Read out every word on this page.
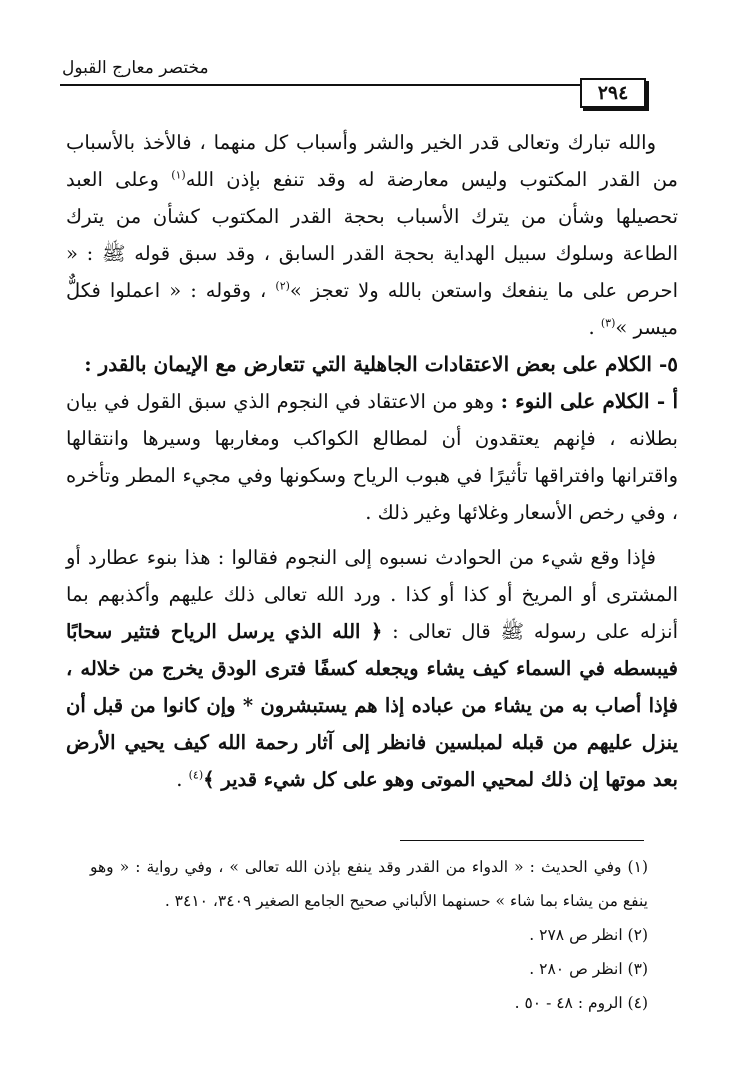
مختصر معارج القبول
٢٩٤

والله تبارك وتعالى قدر الخير والشر وأسباب كل منهما ، فالأخذ بالأسباب من القدر المكتوب وليس معارضة له وقد تنفع بإذن الله$^{(١)}$ وعلى العبد تحصيلها وشأن من يترك الأسباب بحجة القدر المكتوب كشأن من يترك الطاعة وسلوك سبيل الهداية بحجة القدر السابق ، وقد سبق قوله ﷺ : « احرص على ما ينفعك واستعن بالله ولا تعجز »$^{(٢)}$ ، وقوله : « اعملوا فكلٌّ ميسر »$^{(٣)}$ .

٥- الكلام على بعض الاعتقادات الجاهلية التي تتعارض مع الإيمان بالقدر :

أ - الكلام على النوء : وهو من الاعتقاد في النجوم الذي سبق القول في بيان بطلانه ، فإنهم يعتقدون أن لمطالع الكواكب ومغاربها وسيرها وانتقالها واقترانها وافتراقها تأثيرًا في هبوب الرياح وسكونها وفي مجيء المطر وتأخره ، وفي رخص الأسعار وغلائها وغير ذلك .

فإذا وقع شيء من الحوادث نسبوه إلى النجوم فقالوا : هذا بنوء عطارد أو المشترى أو المريخ أو كذا أو كذا . ورد الله تعالى ذلك عليهم وأكذبهم بما أنزله على رسوله ﷺ قال تعالى : ﴿ الله الذي يرسل الرياح فتثير سحابًا فيبسطه في السماء كيف يشاء ويجعله كسفًا فترى الودق يخرج من خلاله ، فإذا أصاب به من يشاء من عباده إذا هم يستبشرون * وإن كانوا من قبل أن ينزل عليهم من قبله لمبلسين فانظر إلى آثار رحمة الله كيف يحيي الأرض بعد موتها إن ذلك لمحيي الموتى وهو على كل شيء قدير ﴾$^{(٤)}$ .

(١) وفي الحديث : « الدواء من القدر وقد ينفع بإذن الله تعالى » ، وفي رواية : « وهو ينفع من يشاء بما شاء » حسنهما الألباني صحيح الجامع الصغير ٣٤٠٩، ٣٤١٠ .

(٢) انظر ص ٢٧٨ .

(٣) انظر ص ٢٨٠ .

(٤) الروم : ٤٨ - ٥٠ .
